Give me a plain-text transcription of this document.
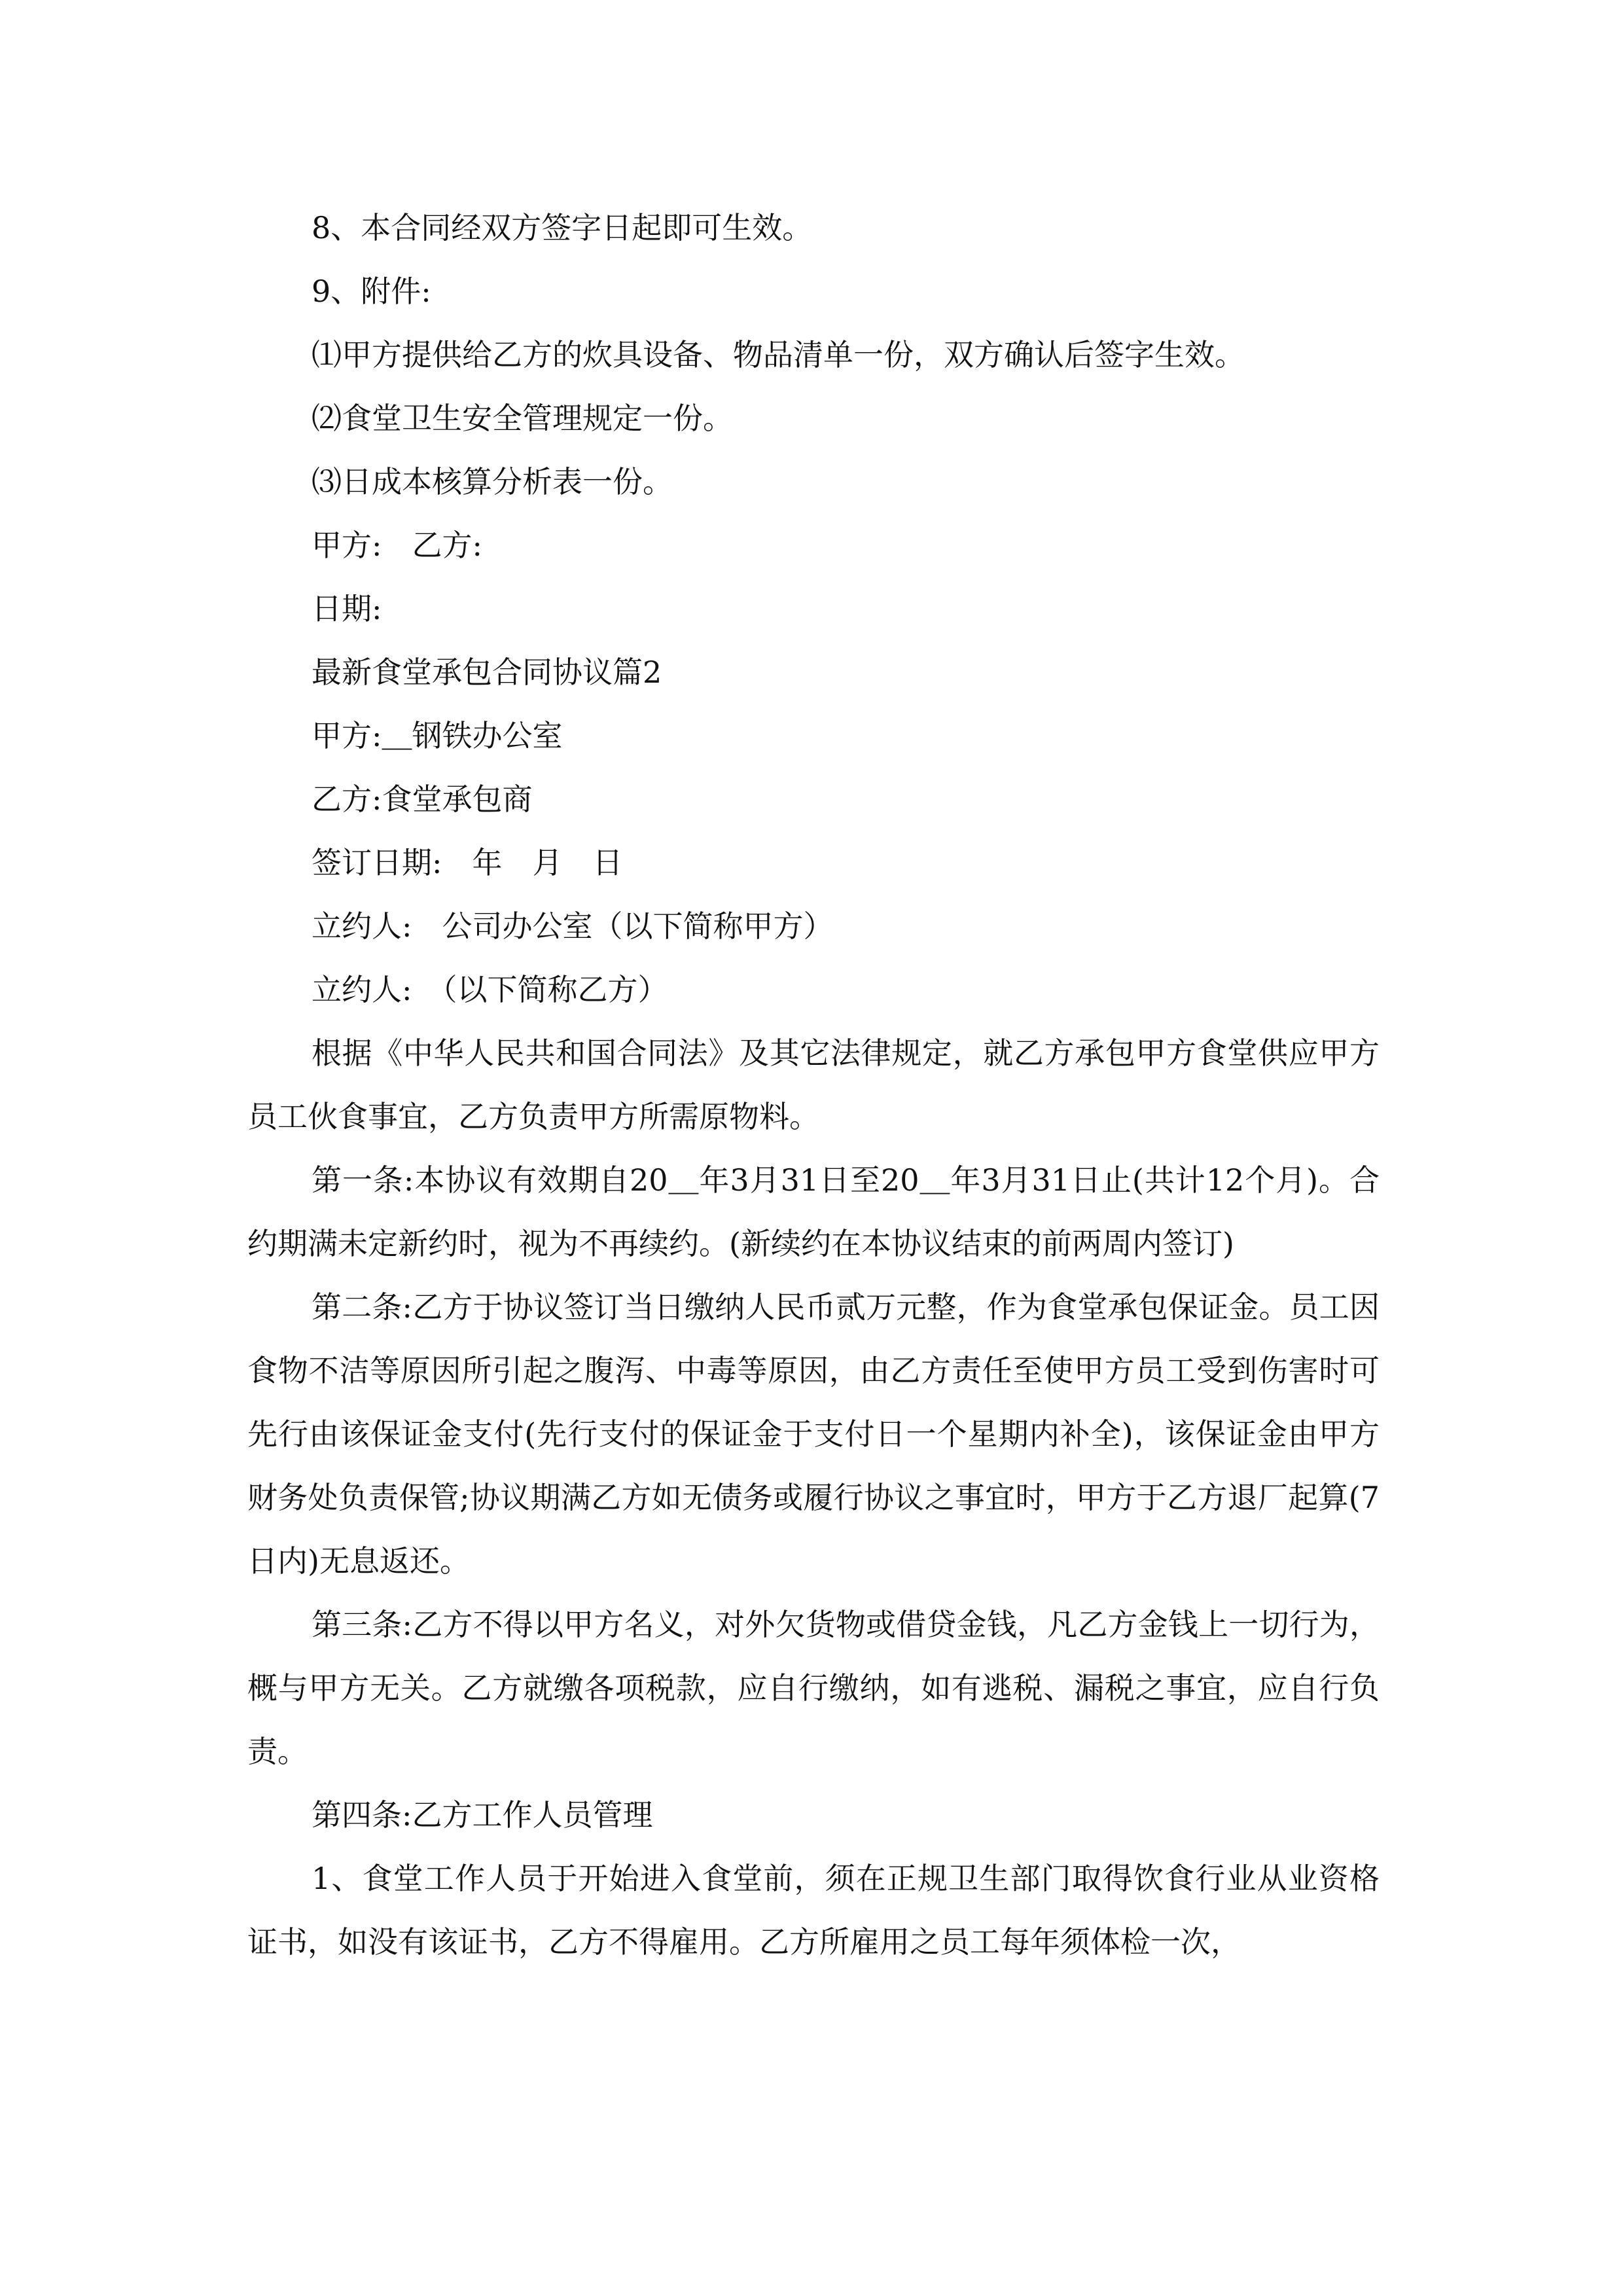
8、本合同经双方签字日起即可生效。

9、附件:

⑴甲方提供给乙方的炊具设备、物品清单一份，双方确认后签字生效。

⑵食堂卫生安全管理规定一份。

⑶日成本核算分析表一份。

甲方:　乙方:

日期:

最新食堂承包合同协议篇2

甲方:＿钢铁办公室

乙方:食堂承包商

签订日期:　年　月　日

立约人:　公司办公室（以下简称甲方）

立约人:　（以下简称乙方）

根据《中华人民共和国合同法》及其它法律规定，就乙方承包甲方食堂供应甲方员工伙食事宜，乙方负责甲方所需原物料。

第一条:本协议有效期自20＿年3月31日至20＿年3月31日止(共计12个月)。合约期满未定新约时，视为不再续约。(新续约在本协议结束的前两周内签订)

第二条:乙方于协议签订当日缴纳人民币贰万元整，作为食堂承包保证金。员工因食物不洁等原因所引起之腹泻、中毒等原因，由乙方责任至使甲方员工受到伤害时可先行由该保证金支付(先行支付的保证金于支付日一个星期内补全)，该保证金由甲方财务处负责保管;协议期满乙方如无债务或履行协议之事宜时，甲方于乙方退厂起算(7日内)无息返还。

第三条:乙方不得以甲方名义，对外欠货物或借贷金钱，凡乙方金钱上一切行为，概与甲方无关。乙方就缴各项税款，应自行缴纳，如有逃税、漏税之事宜，应自行负责。

第四条:乙方工作人员管理

1、食堂工作人员于开始进入食堂前，须在正规卫生部门取得饮食行业从业资格证书，如没有该证书，乙方不得雇用。乙方所雇用之员工每年须体检一次，
